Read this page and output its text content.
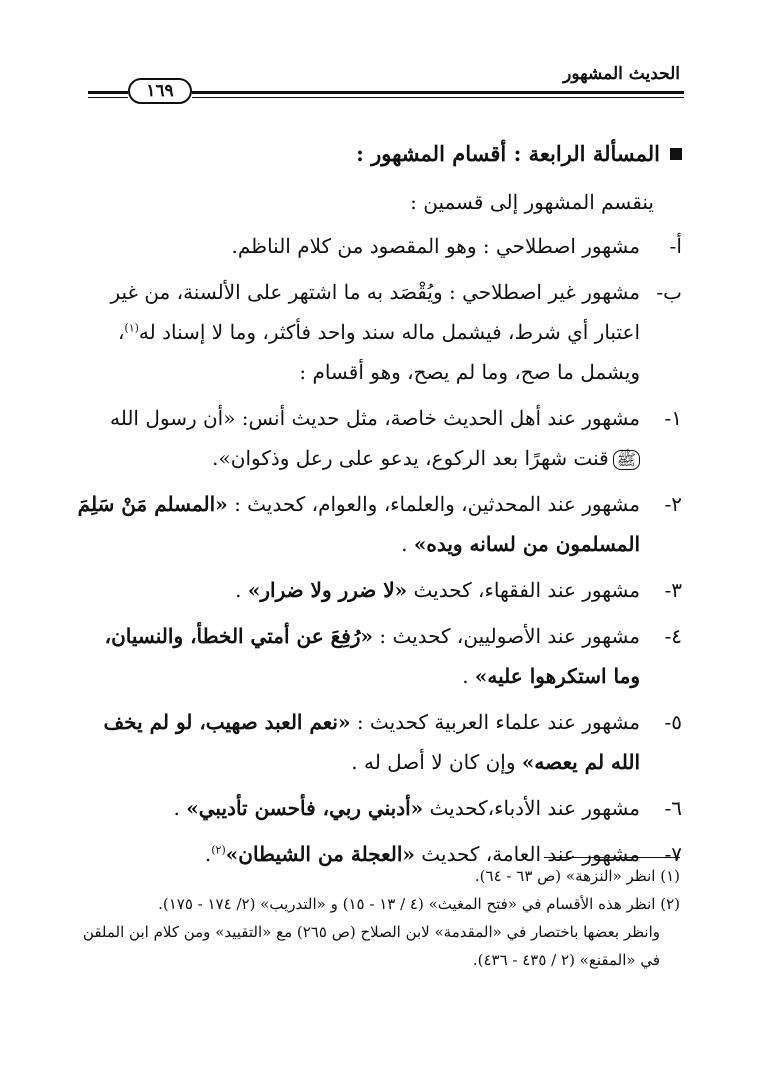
الحديث المشهور
١٦٩
المسألة الرابعة : أقسام المشهور :

ينقسم المشهور إلى قسمين :

أ-
مشهور اصطلاحي : وهو المقصود من كلام الناظم.
ب-
مشهور غير اصطلاحي : ويُقْصَد به ما اشتهر على الألسنة، من غير اعتبار أي شرط، فيشمل ماله سند واحد فأكثر، وما لا إسناد له$^{(١)}$، ويشمل ما صح، وما لم يصح، وهو أقسام :
١-
مشهور عند أهل الحديث خاصة، مثل حديث أنس: «أن رسول الله ﷺقنت شهرًا بعد الركوع، يدعو على رعل وذكوان».
٢-
مشهور عند المحدثين، والعلماء، والعوام، كحديث : «المسلم مَنْ سَلِمَ المسلمون من لسانه ويده» .
٣-
مشهور عند الفقهاء، كحديث «لا ضرر ولا ضرار» .
٤-
مشهور عند الأصوليين، كحديث : «رُفِعَ عن أمتي الخطأ، والنسيان، وما استكرهوا عليه» .
٥-
مشهور عند علماء العربية كحديث : «نعم العبد صهيب، لو لم يخف الله لم يعصه» وإن كان لا أصل له .
٦-
مشهور عند الأدباء،كحديث «أدبني ربي، فأحسن تأديبي» .
٧-
مشهور عند العامة، كحديث «العجلة من الشيطان»$^{(٢)}$.

(١) انظر «النزهة» (ص ٦٣ - ٦٤).

(٢) انظر هذه الأقسام في «فتح المغيث» (٤ / ١٣ - ١٥) و «التدريب» (٢/ ١٧٤ - ١٧٥).

وانظر بعضها باختصار في «المقدمة» لابن الصلاح (ص ٢٦٥) مع «التقييد» ومن كلام ابن الملقن في «المقنع» (٢ / ٤٣٥ - ٤٣٦).
